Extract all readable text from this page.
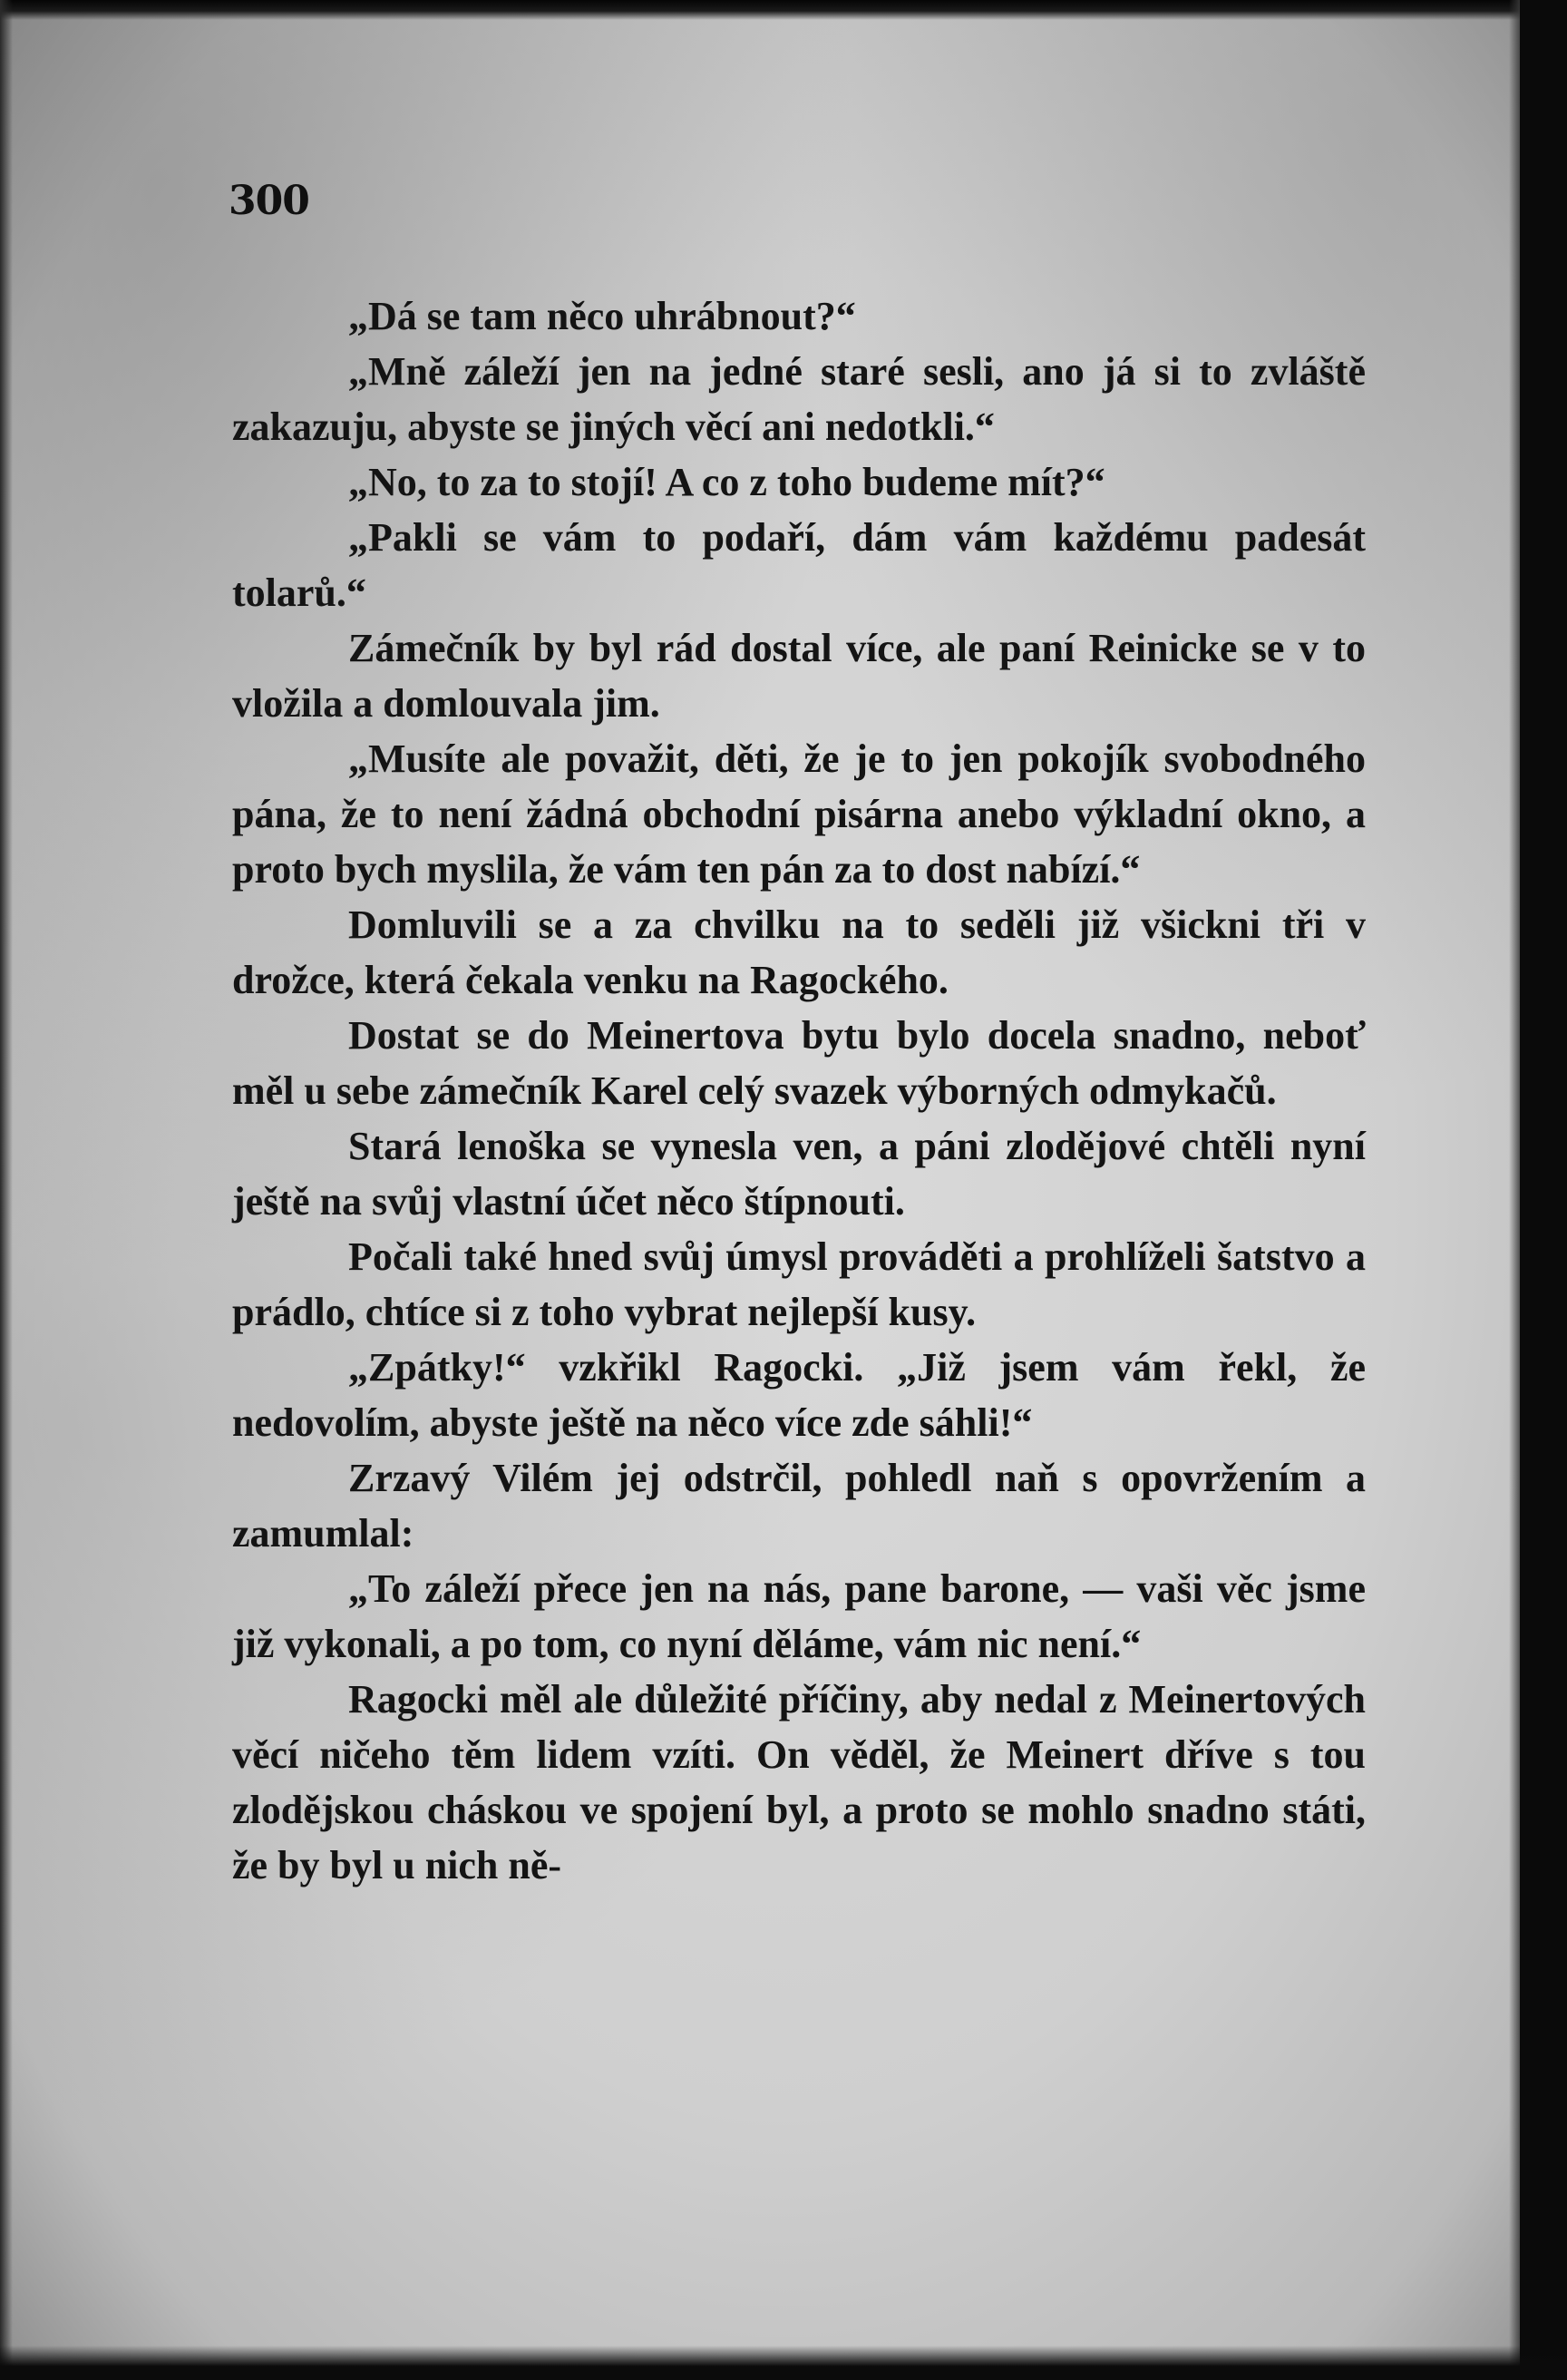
300

„Dá se tam něco uhrábnout?“

„Mně záleží jen na jedné staré sesli, ano já si to zvláště zakazuju, abyste se jiných věcí ani nedotkli.“

„No, to za to stojí! A co z toho budeme mít?“

„Pakli se vám to podaří, dám vám každému padesát tolarů.“

Zámečník by byl rád dostal více, ale paní Reinicke se v to vložila a domlouvala jim.

„Musíte ale považit, děti, že je to jen pokojík svobodného pána, že to není žádná obchodní pisárna anebo výkladní okno, a proto bych myslila, že vám ten pán za to dost nabízí.“

Domluvili se a za chvilku na to seděli již všickni tři v drožce, která čekala venku na Ragockého.

Dostat se do Meinertova bytu bylo docela snadno, neboť měl u sebe zámečník Karel celý svazek výborných odmykačů.

Stará lenoška se vynesla ven, a páni zlodějové chtěli nyní ještě na svůj vlastní účet něco štípnouti.

Počali také hned svůj úmysl prováděti a prohlíželi šatstvo a prádlo, chtíce si z toho vybrat nejlepší kusy.

„Zpátky!“ vzkřikl Ragocki. „Již jsem vám řekl, že nedovolím, abyste ještě na něco více zde sáhli!“

Zrzavý Vilém jej odstrčil, pohledl naň s opovržením a zamumlal:

„To záleží přece jen na nás, pane barone, — vaši věc jsme již vykonali, a po tom, co nyní děláme, vám nic není.“

Ragocki měl ale důležité příčiny, aby nedal z Meinertových věcí ničeho těm lidem vzíti. On věděl, že Meinert dříve s tou zlodějskou cháskou ve spojení byl, a proto se mohlo snadno státi, že by byl u nich ně-
